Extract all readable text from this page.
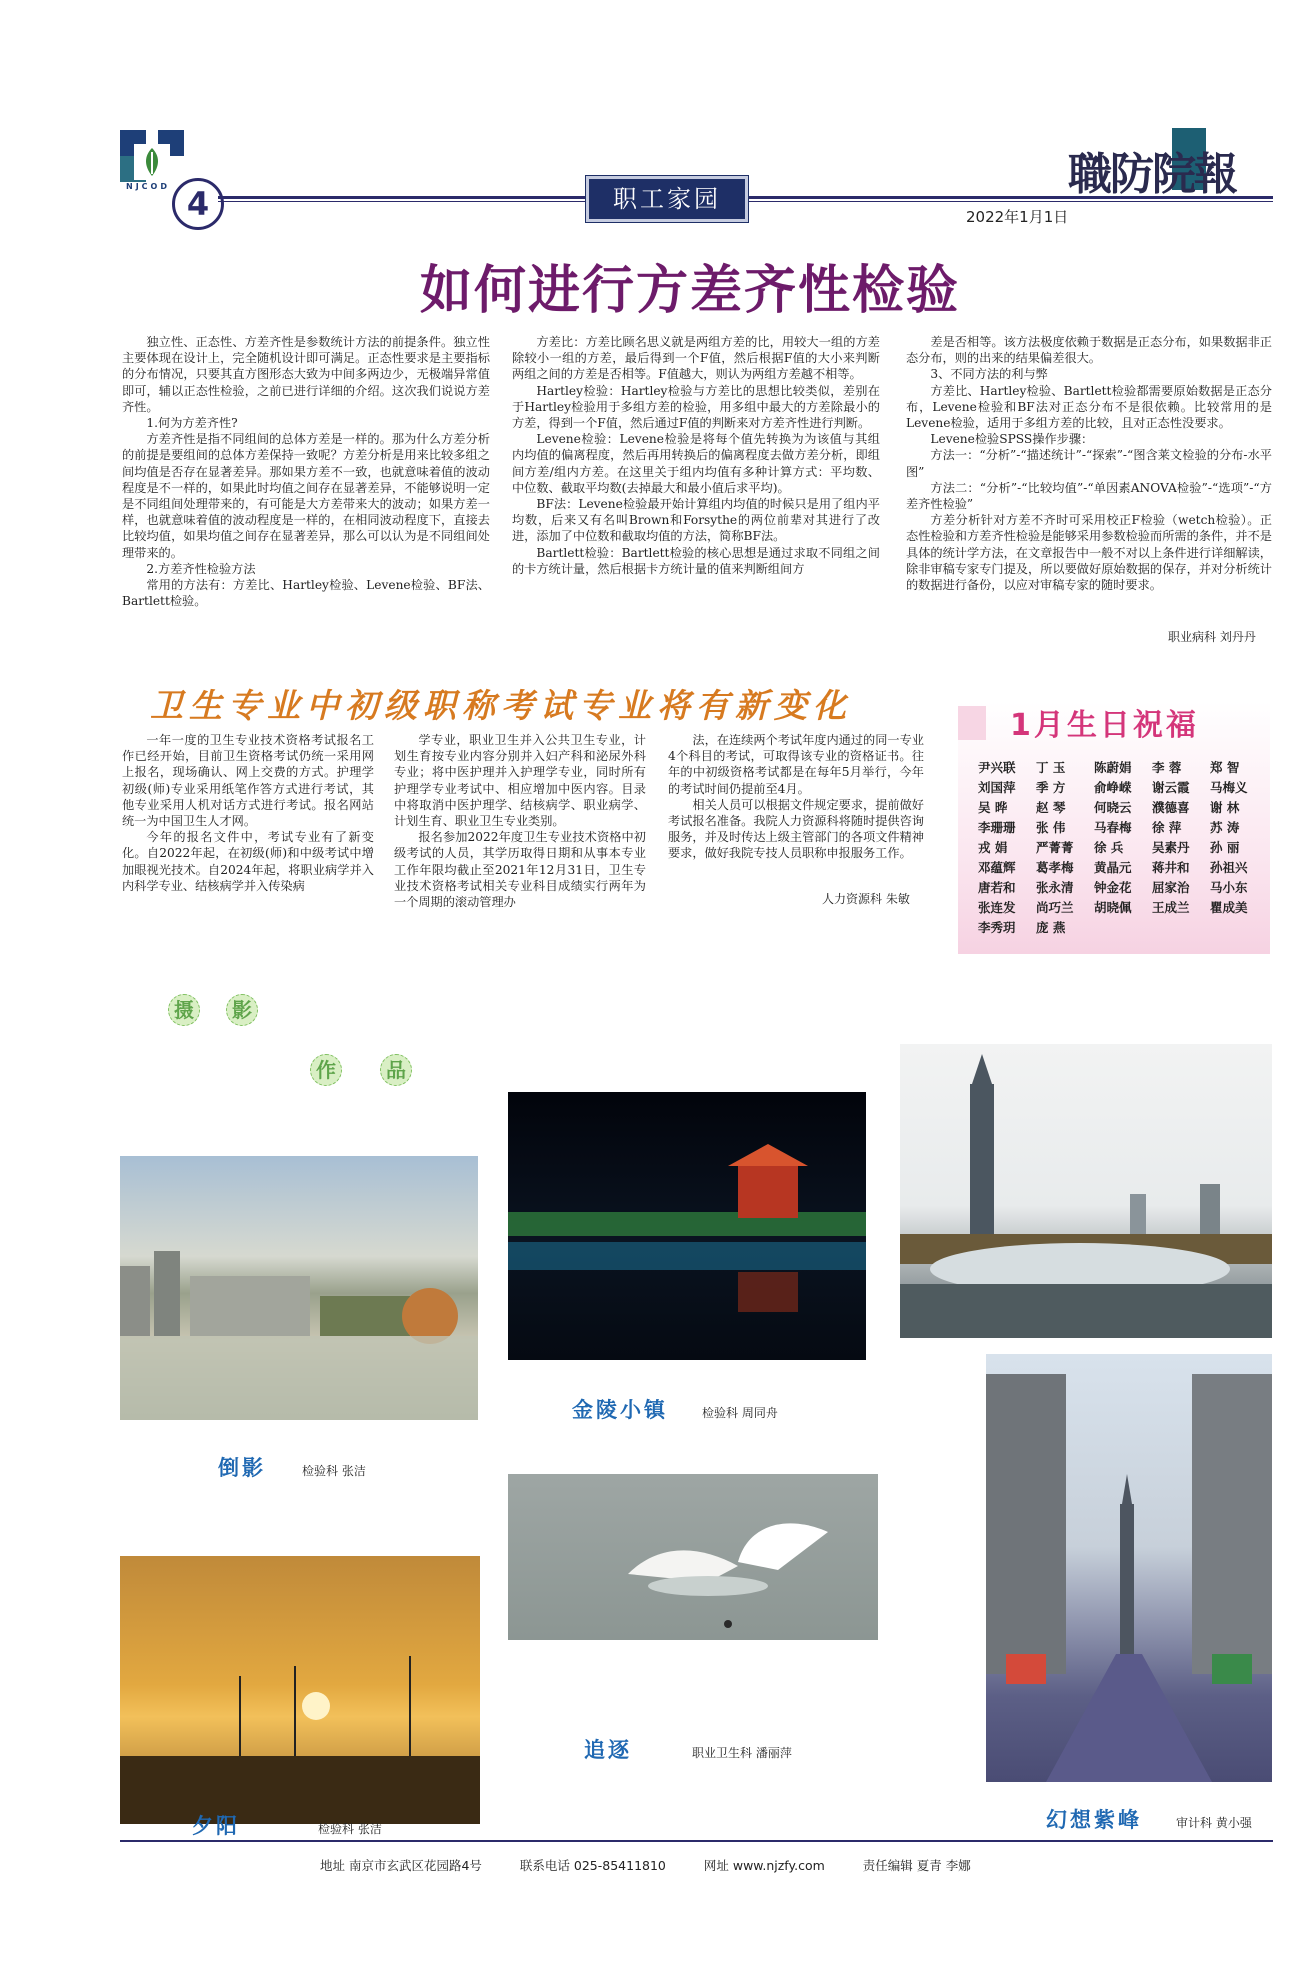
NJCOD 4	职工家园	職防院報
2022年1月1日
如何进行方差齐性检验

独立性、正态性、方差齐性是参数统计方法的前提条件。独立性主要体现在设计上，完全随机设计即可满足。正态性要求是主要指标的分布情况，只要其直方图形态大致为中间多两边少，无极端异常值即可，辅以正态性检验，之前已进行详细的介绍。这次我们说说方差齐性。

1.何为方差齐性?

方差齐性是指不同组间的总体方差是一样的。那为什么方差分析的前提是要组间的总体方差保持一致呢？方差分析是用来比较多组之间均值是否存在显著差异。那如果方差不一致，也就意味着值的波动程度是不一样的，如果此时均值之间存在显著差异，不能够说明一定是不同组间处理带来的，有可能是大方差带来大的波动；如果方差一样，也就意味着值的波动程度是一样的，在相同波动程度下，直接去比较均值，如果均值之间存在显著差异，那么可以认为是不同组间处理带来的。

2.方差齐性检验方法

常用的方法有：方差比、Hartley检验、Levene检验、BF法、Bartlett检验。

方差比：方差比顾名思义就是两组方差的比，用较大一组的方差除较小一组的方差，最后得到一个F值，然后根据F值的大小来判断两组之间的方差是否相等。F值越大，则认为两组方差越不相等。

Hartley检验：Hartley检验与方差比的思想比较类似，差别在于Hartley检验用于多组方差的检验，用多组中最大的方差除最小的方差，得到一个F值，然后通过F值的判断来对方差齐性进行判断。

Levene检验：Levene检验是将每个值先转换为为该值与其组内均值的偏离程度，然后再用转换后的偏离程度去做方差分析，即组间方差/组内方差。在这里关于组内均值有多种计算方式：平均数、中位数、截取平均数(去掉最大和最小值后求平均)。

BF法：Levene检验最开始计算组内均值的时候只是用了组内平均数，后来又有名叫Brown和Forsythe的两位前辈对其进行了改进，添加了中位数和截取均值的方法，简称BF法。

Bartlett检验：Bartlett检验的核心思想是通过求取不同组之间的卡方统计量，然后根据卡方统计量的值来判断组间方

差是否相等。该方法极度依赖于数据是正态分布，如果数据非正态分布，则的出来的结果偏差很大。

3、不同方法的利与弊

方差比、Hartley检验、Bartlett检验都需要原始数据是正态分布，Levene检验和BF法对正态分布不是很依赖。比较常用的是Levene检验，适用于多组方差的比较，且对正态性没要求。

Levene检验SPSS操作步骤：

方法一：“分析”-“描述统计”-“探索”-“图含莱文检验的分布-水平图”

方法二：“分析”-“比较均值”-“单因素ANOVA检验”-“选项”-“方差齐性检验”

方差分析针对方差不齐时可采用校正F检验（wetch检验）。正态性检验和方差齐性检验是能够采用参数检验而所需的条件，并不是具体的统计学方法，在文章报告中一般不对以上条件进行详细解读，除非审稿专家专门提及，所以要做好原始数据的保存，并对分析统计的数据进行备份，以应对审稿专家的随时要求。

职业病科 刘丹丹
卫生专业中初级职称考试专业将有新变化

一年一度的卫生专业技术资格考试报名工作已经开始，目前卫生资格考试仍统一采用网上报名，现场确认、网上交费的方式。护理学初级(师)专业采用纸笔作答方式进行考试，其他专业采用人机对话方式进行考试。报名网站统一为中国卫生人才网。

今年的报名文件中，考试专业有了新变化。自2022年起，在初级(师)和中级考试中增加眼视光技术。自2024年起，将职业病学并入内科学专业、结核病学并入传染病

学专业，职业卫生并入公共卫生专业，计划生育按专业内容分别并入妇产科和泌尿外科专业；将中医护理并入护理学专业，同时所有护理学专业考试中、相应增加中医内容。目录中将取消中医护理学、结核病学、职业病学、计划生育、职业卫生专业类别。

报名参加2022年度卫生专业技术资格中初级考试的人员，其学历取得日期和从事本专业工作年限均截止至2021年12月31日，卫生专业技术资格考试相关专业科目成绩实行两年为一个周期的滚动管理办

法，在连续两个考试年度内通过的同一专业4个科目的考试，可取得该专业的资格证书。往年的中初级资格考试都是在每年5月举行，今年的考试时间仍提前至4月。

相关人员可以根据文件规定要求，提前做好考试报名准备。我院人力资源科将随时提供咨询服务，并及时传达上级主管部门的各项文件精神要求，做好我院专技人员职称申报服务工作。

人力资源科 朱敏
1月生日祝福
尹兴联 丁 玉 陈蔚娟 李 蓉 郑 智
刘国萍 季 方 俞峥嵘 谢云霞 马梅义
吴 晔 赵 琴 何晓云 濮德喜 谢 林
李珊珊 张 伟 马春梅 徐 萍 苏 涛
戎 娟 严菁菁 徐 兵 吴素丹 孙 丽
邓蕴辉 葛孝梅 黄晶元 蒋井和 孙祖兴
唐若和 张永清 钟金花 屈家治 马小东
张连发 尚巧兰 胡晓佩 王成兰 瞿成美
李秀玥 庞 燕
摄	影
作	品
倒影	检验科 张洁
金陵小镇	检验科 周同舟
追逐	职业卫生科 潘丽萍
夕阳	检验科 张洁	幻想紫峰	审计科 黄小强
地址 南京市玄武区花园路4号	联系电话 025-85411810	网址 www.njzfy.com	责任编辑 夏青 李娜
